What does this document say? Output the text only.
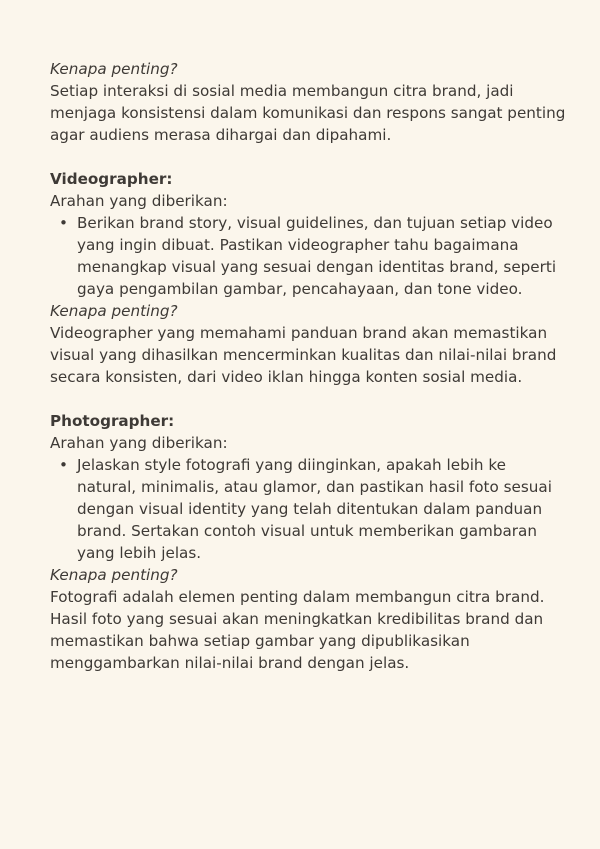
Kenapa penting?

Setiap interaksi di sosial media membangun citra brand, jadi

menjaga konsistensi dalam komunikasi dan respons sangat penting

agar audiens merasa dihargai dan dipahami.

Videographer:

Arahan yang diberikan:

• Berikan brand story, visual guidelines, dan tujuan setiap video
yang ingin dibuat. Pastikan videographer tahu bagaimana
menangkap visual yang sesuai dengan identitas brand, seperti
gaya pengambilan gambar, pencahayaan, dan tone video.

Kenapa penting?

Videographer yang memahami panduan brand akan memastikan

visual yang dihasilkan mencerminkan kualitas dan nilai-nilai brand

secara konsisten, dari video iklan hingga konten sosial media.

Photographer:

Arahan yang diberikan:

• Jelaskan style fotografi yang diinginkan, apakah lebih ke
natural, minimalis, atau glamor, dan pastikan hasil foto sesuai
dengan visual identity yang telah ditentukan dalam panduan
brand. Sertakan contoh visual untuk memberikan gambaran
yang lebih jelas.

Kenapa penting?

Fotografi adalah elemen penting dalam membangun citra brand.

Hasil foto yang sesuai akan meningkatkan kredibilitas brand dan

memastikan bahwa setiap gambar yang dipublikasikan

menggambarkan nilai-nilai brand dengan jelas.
